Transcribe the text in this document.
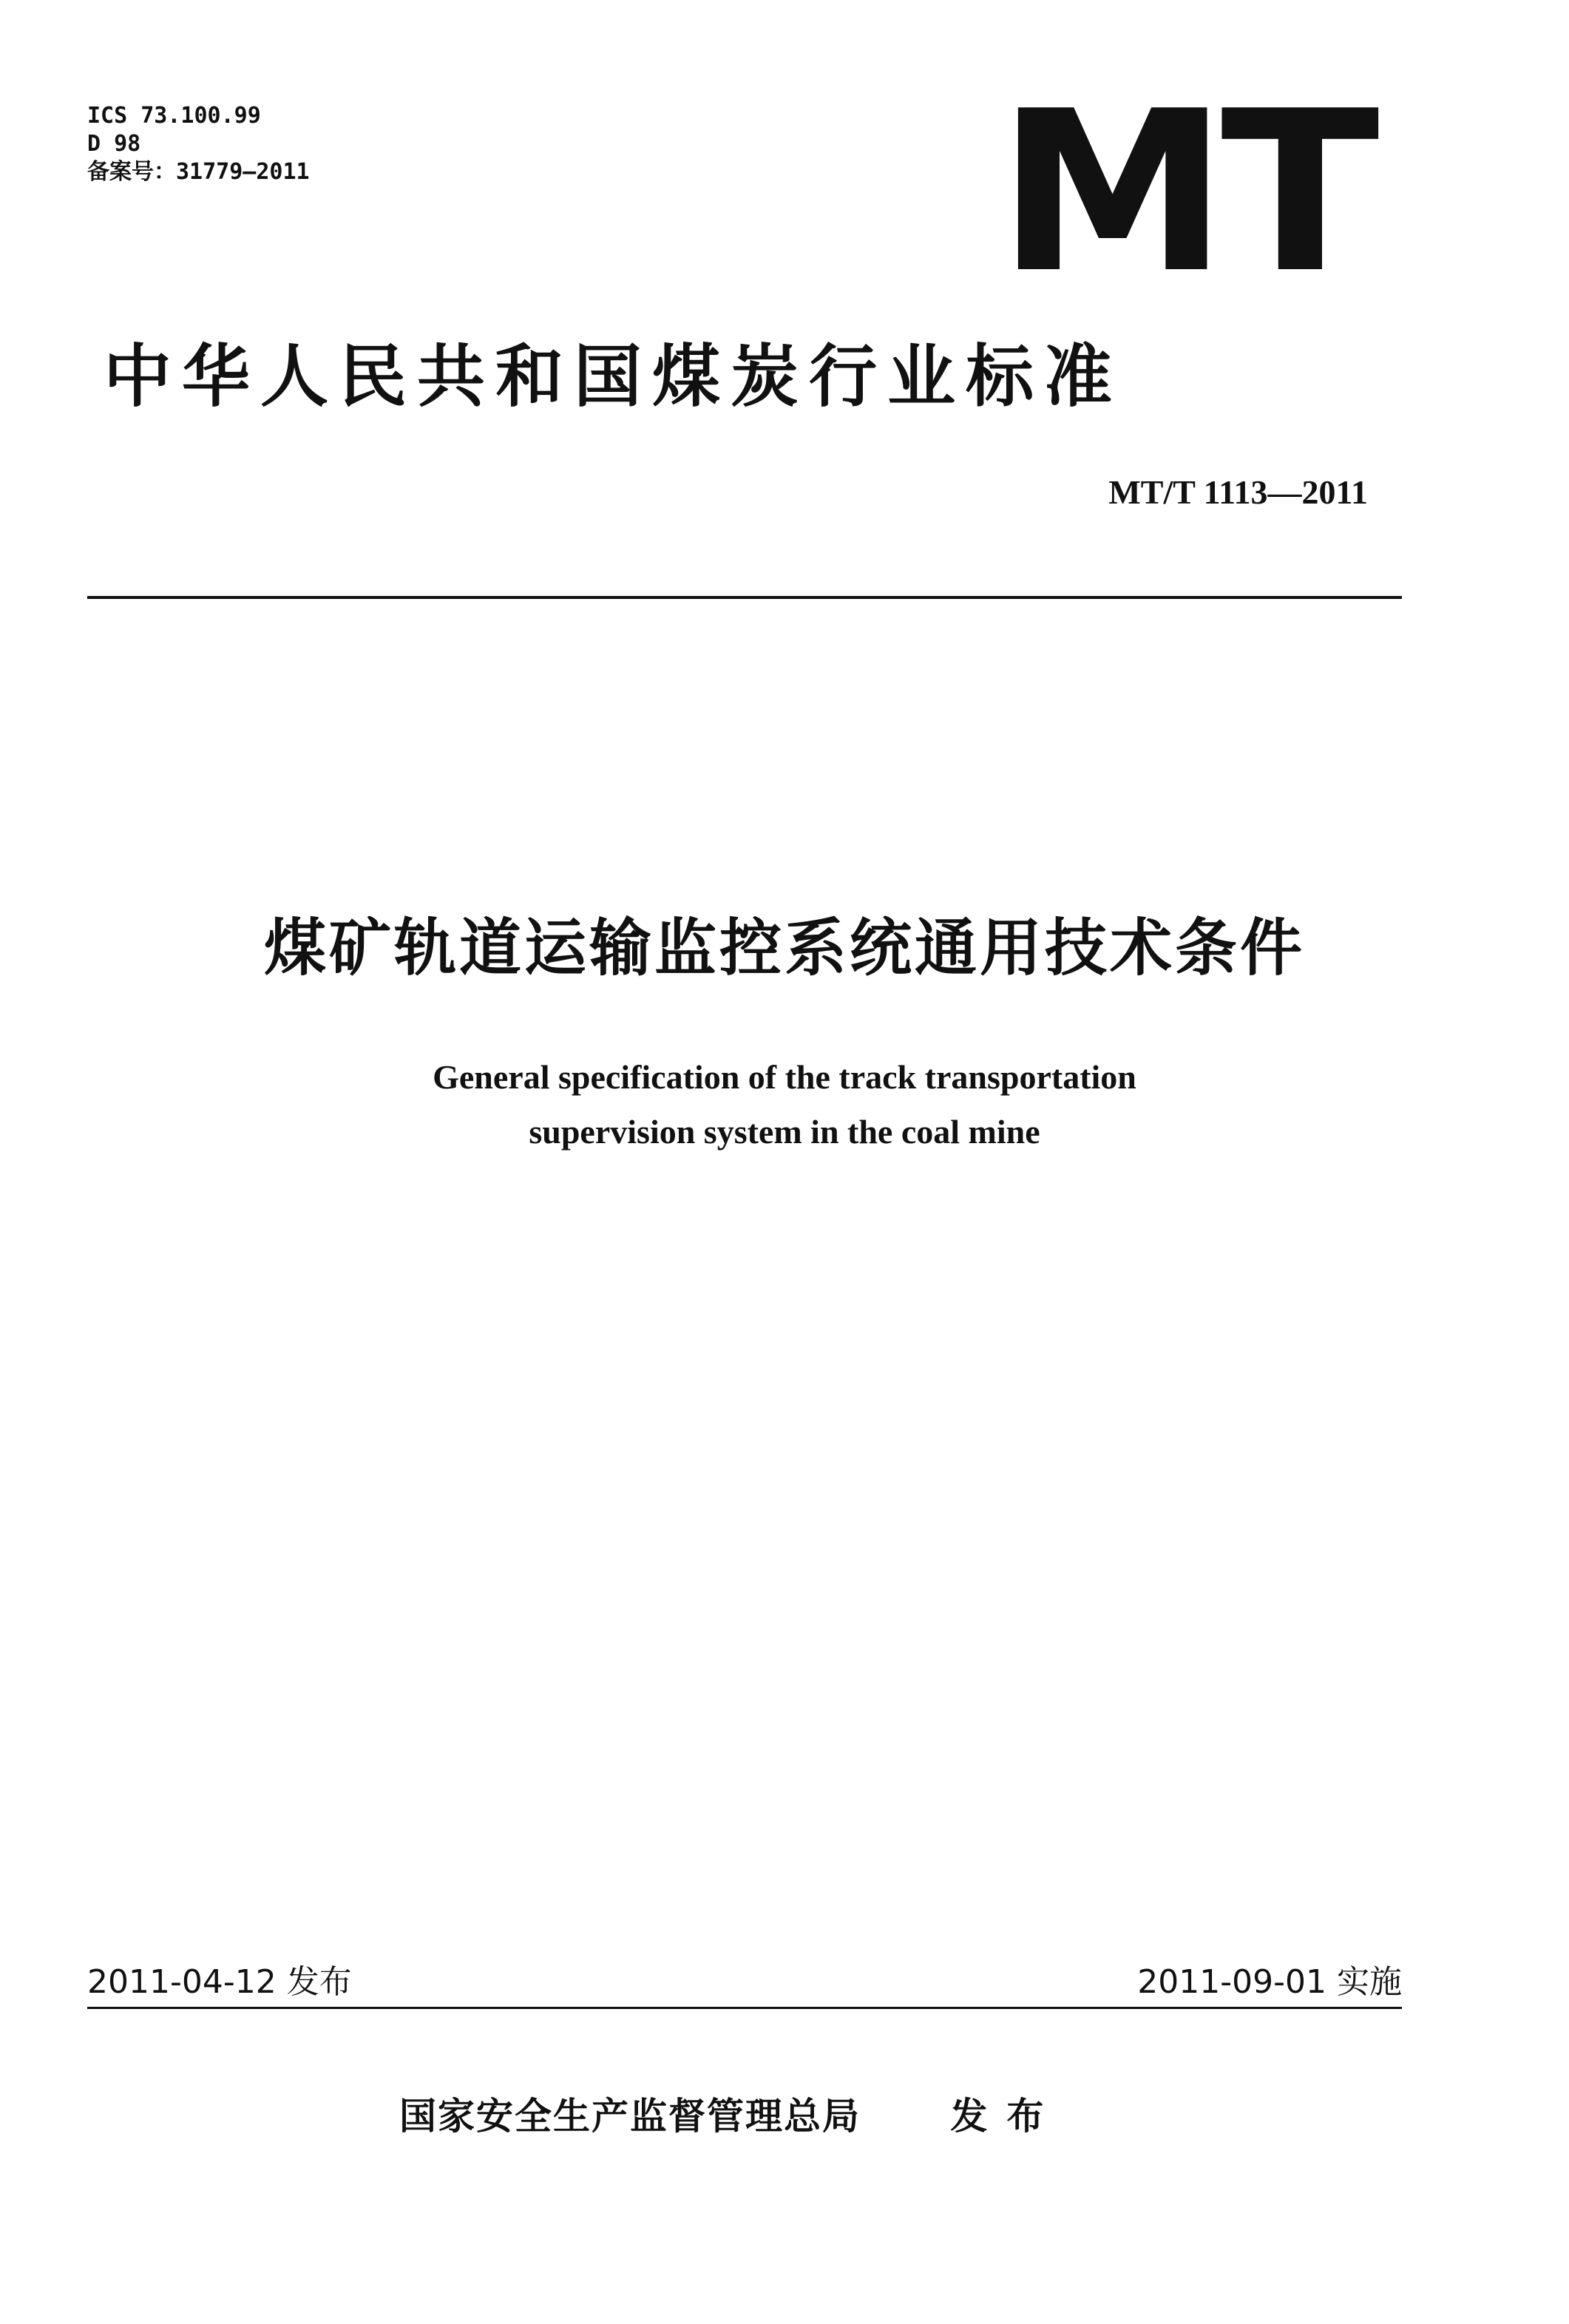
ICS 73.100.99
D 98
备案号：31779—2011	MT
中华人民共和国煤炭行业标准
MT/T 1113—2011
煤矿轨道运输监控系统通用技术条件
General specification of the track transportation
supervision system in the coal mine
2011-04-12 发布	2011-09-01 实施
国家安全生产监督管理总局 发布
